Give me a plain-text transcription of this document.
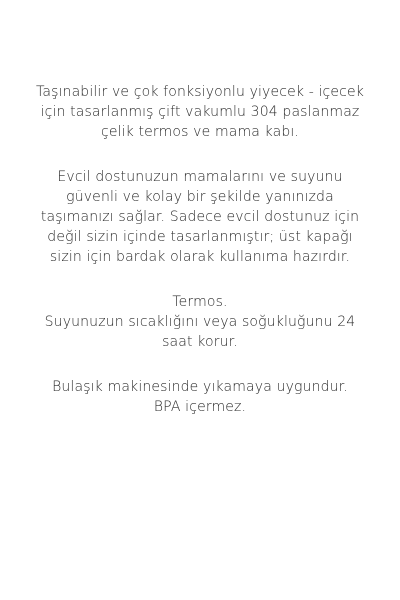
Taşınabilir ve çok fonksiyonlu yiyecek - içecek
için tasarlanmış çift vakumlu 304 paslanmaz
çelik termos ve mama kabı.

Evcil dostunuzun mamalarını ve suyunu
güvenli ve kolay bir şekilde yanınızda
taşımanızı sağlar. Sadece evcil dostunuz için
değil sizin içinde tasarlanmıştır; üst kapağı
sizin için bardak olarak kullanıma hazırdır.

Termos.
Suyunuzun sıcaklığını veya soğukluğunu 24
saat korur.

Bulaşık makinesinde yıkamaya uygundur.
BPA içermez.
